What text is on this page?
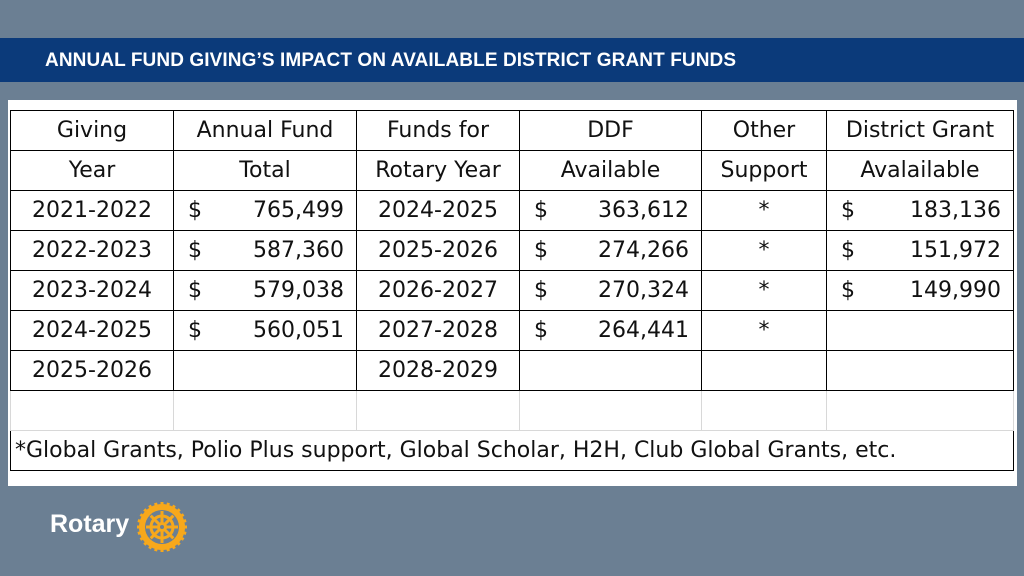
ANNUAL FUND GIVING’S IMPACT ON AVAILABLE DISTRICT GRANT FUNDS
Giving	Annual Fund	Funds for	DDF	Other	District Grant
Year	Total	Rotary Year	Available	Support	Avalailable
2021-2022	$ 765,499	2024-2025	$ 363,612	*	$ 183,136

2022-2023	$ 587,360	2025-2026	$ 274,266	*	$ 151,972

2023-2024	$ 579,038	2026-2027	$ 270,324	*	$ 149,990

2024-2025	$ 560,051	2027-2028	$ 264,441	*	
2025-2026		2028-2029			

*Global Grants, Polio Plus support, Global Scholar, H2H, Club Global Grants, etc.					
Rotary
